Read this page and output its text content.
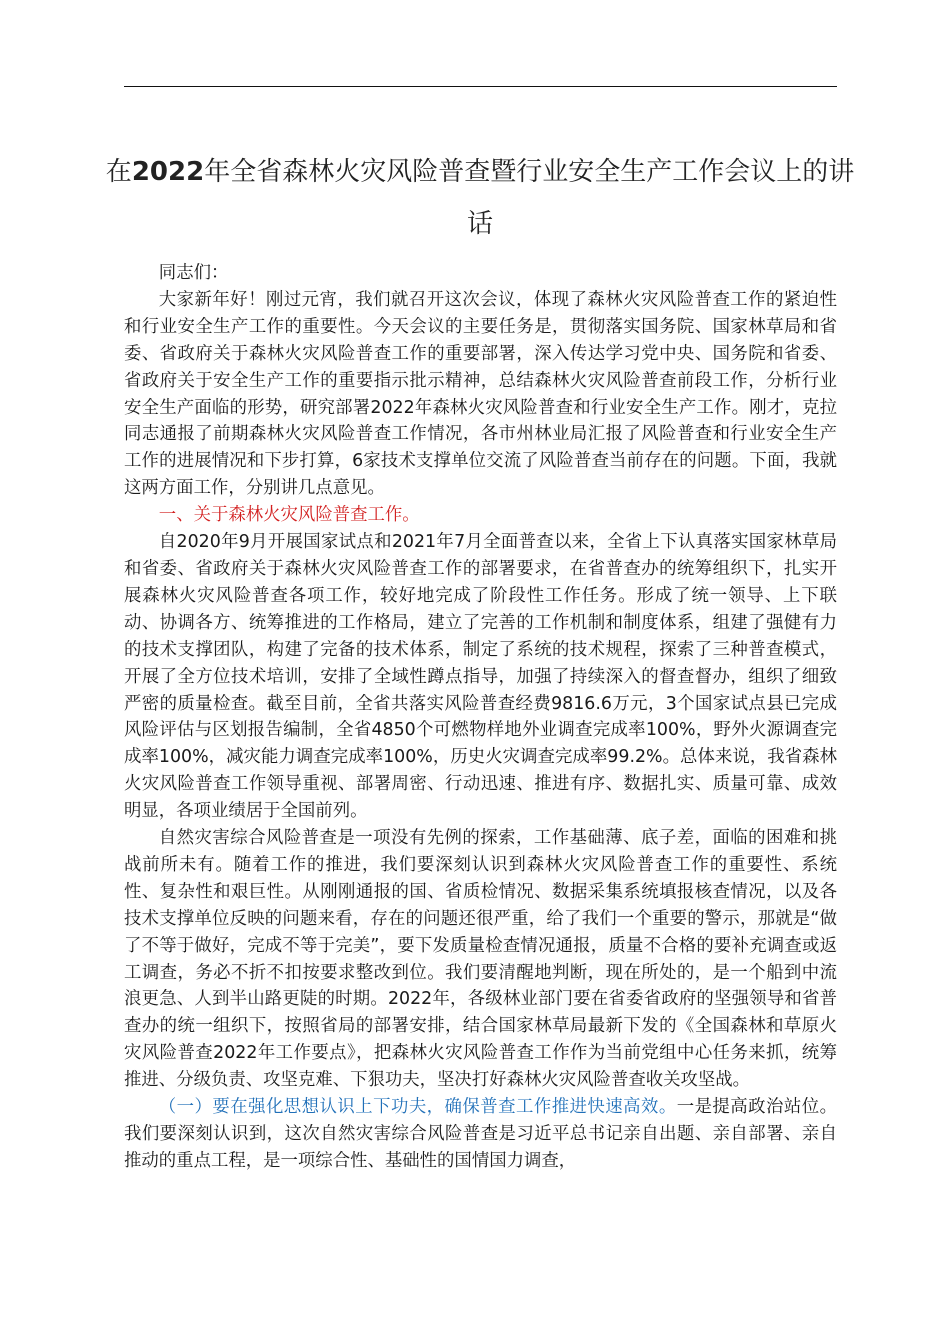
在2022年全省森林火灾风险普查暨行业安全生产工作会议上的讲话

同志们：

大家新年好！刚过元宵，我们就召开这次会议，体现了森林火灾风险普查工作的紧迫性和行业安全生产工作的重要性。今天会议的主要任务是，贯彻落实国务院、国家林草局和省委、省政府关于森林火灾风险普查工作的重要部署，深入传达学习党中央、国务院和省委、省政府关于安全生产工作的重要指示批示精神，总结森林火灾风险普查前段工作，分析行业安全生产面临的形势，研究部署2022年森林火灾风险普查和行业安全生产工作。刚才，克拉同志通报了前期森林火灾风险普查工作情况，各市州林业局汇报了风险普查和行业安全生产工作的进展情况和下步打算，6家技术支撑单位交流了风险普查当前存在的问题。下面，我就这两方面工作，分别讲几点意见。

一、关于森林火灾风险普查工作。

自2020年9月开展国家试点和2021年7月全面普查以来，全省上下认真落实国家林草局和省委、省政府关于森林火灾风险普查工作的部署要求，在省普查办的统筹组织下，扎实开展森林火灾风险普查各项工作，较好地完成了阶段性工作任务。形成了统一领导、上下联动、协调各方、统筹推进的工作格局，建立了完善的工作机制和制度体系，组建了强健有力的技术支撑团队，构建了完备的技术体系，制定了系统的技术规程，探索了三种普查模式，开展了全方位技术培训，安排了全域性蹲点指导，加强了持续深入的督查督办，组织了细致严密的质量检查。截至目前，全省共落实风险普查经费9816.6万元，3个国家试点县已完成风险评估与区划报告编制，全省4850个可燃物样地外业调查完成率100%，野外火源调查完成率100%，减灾能力调查完成率100%，历史火灾调查完成率99.2%。总体来说，我省森林火灾风险普查工作领导重视、部署周密、行动迅速、推进有序、数据扎实、质量可靠、成效明显，各项业绩居于全国前列。

自然灾害综合风险普查是一项没有先例的探索，工作基础薄、底子差，面临的困难和挑战前所未有。随着工作的推进，我们要深刻认识到森林火灾风险普查工作的重要性、系统性、复杂性和艰巨性。从刚刚通报的国、省质检情况、数据采集系统填报核查情况，以及各技术支撑单位反映的问题来看，存在的问题还很严重，给了我们一个重要的警示，那就是“做了不等于做好，完成不等于完美”，要下发质量检查情况通报，质量不合格的要补充调查或返工调查，务必不折不扣按要求整改到位。我们要清醒地判断，现在所处的，是一个船到中流浪更急、人到半山路更陡的时期。2022年，各级林业部门要在省委省政府的坚强领导和省普查办的统一组织下，按照省局的部署安排，结合国家林草局最新下发的《全国森林和草原火灾风险普查2022年工作要点》，把森林火灾风险普查工作作为当前党组中心任务来抓，统筹推进、分级负责、攻坚克难、下狠功夫，坚决打好森林火灾风险普查收关攻坚战。

（一）要在强化思想认识上下功夫，确保普查工作推进快速高效。一是提高政治站位。我们要深刻认识到，这次自然灾害综合风险普查是习近平总书记亲自出题、亲自部署、亲自推动的重点工程，是一项综合性、基础性的国情国力调查，
